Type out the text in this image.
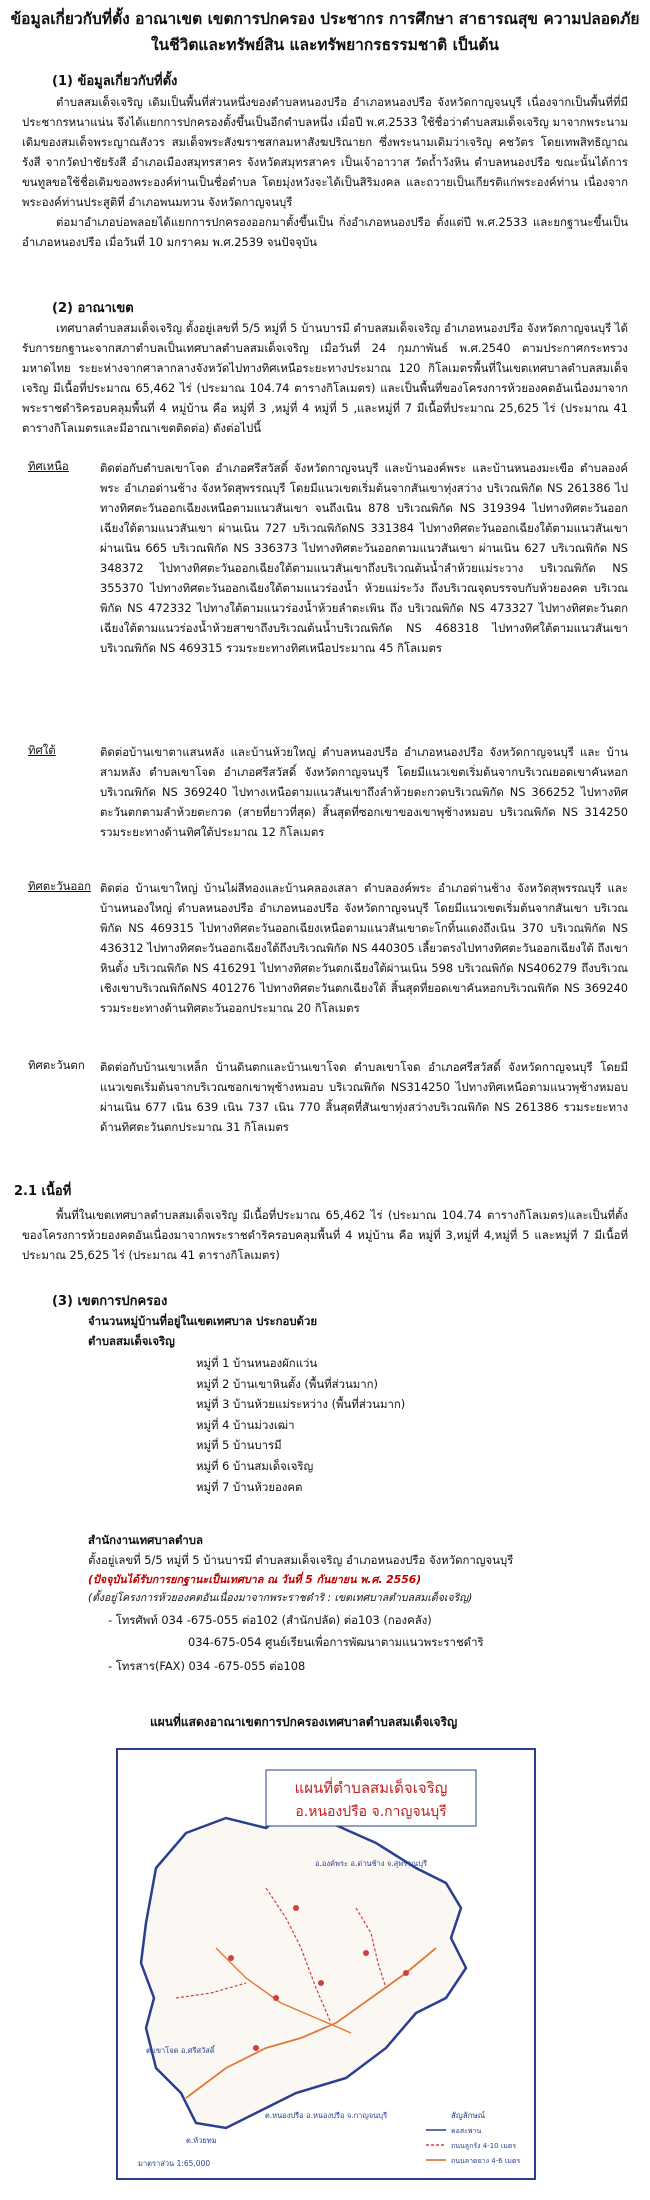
ข้อมูลเกี่ยวกับที่ตั้ง อาณาเขต เขตการปกครอง ประชากร การศึกษา สาธารณสุข ความปลอดภัยในชีวิตและทรัพย์สิน และทรัพยากรธรรมชาติ เป็นต้น
(1) ข้อมูลเกี่ยวกับที่ตั้ง

ตำบลสมเด็จเจริญ เดิมเป็นพื้นที่ส่วนหนึ่งของตำบลหนองปรือ อำเภอหนองปรือ จังหวัดกาญจนบุรี เนื่องจากเป็นพื้นที่ที่มีประชากรหนาแน่น จึงได้แยกการปกครองตั้งขึ้นเป็นอีกตำบลหนึ่ง เมื่อปี พ.ศ.2533 ใช้ชื่อว่าตำบลสมเด็จเจริญ มาจากพระนามเดิมของสมเด็จพระญาณสังวร สมเด็จพระสังฆราชสกลมหาสังฆปริณายก ซึ่งพระนามเดิมว่าเจริญ คชวัตร โดยเทพสิทธิญาณรังสี จากวัดป่าชัยรังสี อำเภอเมืองสมุทรสาคร จังหวัดสมุทรสาคร เป็นเจ้าอาวาส วัดถ้ำวังหิน ตำบลหนองปรือ ขณะนั้นได้การขนทูลขอใช้ชื่อเดิมของพระองค์ท่านเป็นชื่อตำบล โดยมุ่งหวังจะได้เป็นสิริมงคล และถวายเป็นเกียรติแก่พระองค์ท่าน เนื่องจากพระองค์ท่านประสูติที่ อำเภอพนมทวน จังหวัดกาญจนบุรี

ต่อมาอำเภอบ่อพลอยได้แยกการปกครองออกมาตั้งขึ้นเป็น กิ่งอำเภอหนองปรือ ตั้งแต่ปี พ.ศ.2533 และยกฐานะขึ้นเป็นอำเภอหนองปรือ เมื่อวันที่ 10 มกราคม พ.ศ.2539 จนปัจจุบัน

(2) อาณาเขต

เทศบาลตำบลสมเด็จเจริญ ตั้งอยู่เลขที่ 5/5 หมู่ที่ 5 บ้านบารมี ตำบลสมเด็จเจริญ อำเภอหนองปรือ จังหวัดกาญจนบุรี ได้รับการยกฐานะจากสภาตำบลเป็นเทศบาลตำบลสมเด็จเจริญ เมื่อวันที่ 24 กุมภาพันธ์ พ.ศ.2540 ตามประกาศกระทรวงมหาดไทย ระยะห่างจากศาลากลางจังหวัดไปทางทิศเหนือระยะทางประมาณ 120 กิโลเมตรพื้นที่ในเขตเทศบาลตำบลสมเด็จเจริญ มีเนื้อที่ประมาณ 65,462 ไร่ (ประมาณ 104.74 ตารางกิโลเมตร) และเป็นพื้นที่ของโครงการห้วยองคตอันเนื่องมาจากพระราชดำริครอบคลุมพื้นที่ 4 หมู่บ้าน คือ หมู่ที่ 3 ,หมู่ที่ 4 หมู่ที่ 5 ,และหมู่ที่ 7 มีเนื้อที่ประมาณ 25,625 ไร่ (ประมาณ 41 ตารางกิโลเมตรและมีอาณาเขตติดต่อ) ดังต่อไปนี้

ทิศเหนือ	ติดต่อกับตำบลเขาโจด อำเภอศรีสวัสดิ์ จังหวัดกาญจนบุรี และบ้านองค์พระ และบ้านหนองมะเขือ ตำบลองค์พระ อำเภอด่านช้าง จังหวัดสุพรรณบุรี โดยมีแนวเขตเริ่มต้นจากสันเขาทุ่งสว่าง บริเวณพิกัด NS 261386 ไปทางทิศตะวันออกเฉียงเหนือตามแนวสันเขา จนถึงเนิน 878 บริเวณพิกัด NS 319394 ไปทางทิศตะวันออกเฉียงใต้ตามแนวสันเขา ผ่านเนิน 727 บริเวณพิกัดNS 331384 ไปทางทิศตะวันออกเฉียงใต้ตามแนวสันเขา ผ่านเนิน 665 บริเวณพิกัด NS 336373 ไปทางทิศตะวันออกตามแนวสันเขา ผ่านเนิน 627 บริเวณพิกัด NS 348372 ไปทางทิศตะวันออกเฉียงใต้ตามแนวสันเขาถึงบริเวณต้นน้ำลำห้วยแม่ระวาง บริเวณพิกัด NS 355370 ไปทางทิศตะวันออกเฉียงใต้ตามแนวร่องน้ำ ห้วยแม่ระวัง ถึงบริเวณจุดบรรจบกับห้วยองคต บริเวณพิกัด NS 472332 ไปทางใต้ตามแนวร่องน้ำห้วยลำตะเพิน ถึง บริเวณพิกัด NS 473327 ไปทางทิศตะวันตกเฉียงใต้ตามแนวร่องน้ำห้วยสาขาถึงบริเวณต้นน้ำบริเวณพิกัด NS 468318 ไปทางทิศใต้ตามแนวสันเขาบริเวณพิกัด NS 469315 รวมระยะทางทิศเหนือประมาณ 45 กิโลเมตร
ทิศใต้	ติดต่อบ้านเขาตาแสนหลัง และบ้านห้วยใหญ่ ตำบลหนองปรือ อำเภอหนองปรือ จังหวัดกาญจนบุรี และ บ้านสามหลัง ตำบลเขาโจด อำเภอศรีสวัสดิ์ จังหวัดกาญจนบุรี โดยมีแนวเขตเริ่มต้นจากบริเวณยอดเขาคันหอก บริเวณพิกัด NS 369240 ไปทางเหนือตามแนวสันเขาถึงลำห้วยตะกวดบริเวณพิกัด NS 366252 ไปทางทิศตะวันตกตามลำห้วยตะกวด (สายที่ยาวที่สุด) สิ้นสุดที่ซอกเขาของเขาพุช้างหมอบ บริเวณพิกัด NS 314250 รวมระยะทางด้านทิศใต้ประมาณ 12 กิโลเมตร
ทิศตะวันออก ติดต่อ บ้านเขาใหญ่ บ้านไผ่สีทองและบ้านคลองเสลา ตำบลองค์พระ อำเภอด่านช้าง จังหวัดสุพรรณบุรี และบ้านหนองใหญ่ ตำบลหนองปรือ อำเภอหนองปรือ จังหวัดกาญจนบุรี โดยมีแนวเขตเริ่มต้นจากสันเขา บริเวณพิกัด NS 469315 ไปทางทิศตะวันออกเฉียงเหนือตามแนวสันเขาตะโกทิ้นแดงถึงเนิน 370 บริเวณพิกัด NS 436312 ไปทางทิศตะวันออกเฉียงใต้ถึงบริเวณพิกัด NS 440305 เลี้ยวตรงไปทางทิศตะวันออกเฉียงใต้ ถึงเขาหินตั้ง บริเวณพิกัด NS 416291 ไปทางทิศตะวันตกเฉียงใต้ผ่านเนิน 598 บริเวณพิกัด NS406279 ถึงบริเวณเชิงเขาบริเวณพิกัดNS 401276 ไปทางทิศตะวันตกเฉียงใต้ สิ้นสุดที่ยอดเขาคันหอกบริเวณพิกัด NS 369240 รวมระยะทางด้านทิศตะวันออกประมาณ 20 กิโลเมตร
ทิศตะวันตก ติดต่อกับบ้านเขาเหล็ก บ้านดินตกและบ้านเขาโจด ตำบลเขาโจด อำเภอศรีสวัสดิ์ จังหวัดกาญจนบุรี โดยมีแนวเขตเริ่มต้นจากบริเวณซอกเขาพุช้างหมอบ บริเวณพิกัด NS314250 ไปทางทิศเหนือตามแนวพุช้างหมอบ ผ่านเนิน 677 เนิน 639 เนิน 737 เนิน 770 สิ้นสุดที่สันเขาทุ่งสว่างบริเวณพิกัด NS 261386 รวมระยะทางด้านทิศตะวันตกประมาณ 31 กิโลเมตร
2.1 เนื้อที่

พื้นที่ในเขตเทศบาลตำบลสมเด็จเจริญ มีเนื้อที่ประมาณ 65,462 ไร่ (ประมาณ 104.74 ตารางกิโลเมตร)และเป็นที่ตั้งของโครงการห้วยองคตอันเนื่องมาจากพระราชดำริครอบคลุมพื้นที่ 4 หมู่บ้าน คือ หมู่ที่ 3,หมู่ที่ 4,หมู่ที่ 5 และหมู่ที่ 7 มีเนื้อที่ประมาณ 25,625 ไร่ (ประมาณ 41 ตารางกิโลเมตร)

(3) เขตการปกครอง
จำนวนหมู่บ้านที่อยู่ในเขตเทศบาล ประกอบด้วย
ตำบลสมเด็จเจริญ
หมู่ที่ 1 บ้านหนองผักแว่น
หมู่ที่ 2 บ้านเขาหินตั้ง (พื้นที่ส่วนมาก)
หมู่ที่ 3 บ้านห้วยแม่ระหว่าง (พื้นที่ส่วนมาก)
หมู่ที่ 4 บ้านม่วงเฒ่า
หมู่ที่ 5 บ้านบารมี
หมู่ที่ 6 บ้านสมเด็จเจริญ
หมู่ที่ 7 บ้านห้วยองคต
สำนักงานเทศบาลตำบล
ตั้งอยู่เลขที่ 5/5 หมู่ที่ 5 บ้านบารมี ตำบลสมเด็จเจริญ อำเภอหนองปรือ จังหวัดกาญจนบุรี
(ปัจจุบันได้รับการยกฐานะเป็นเทศบาล ณ วันที่ 5 กันยายน พ.ศ. 2556)
(ตั้งอยู่โครงการห้วยองคตอันเนื่องมาจากพระราชดำริ : เขตเทศบาลตำบลสมเด็จเจริญ)
- โทรศัพท์ 034 -675-055 ต่อ102 (สำนักปลัด) ต่อ103 (กองคลัง)
034-675-054 ศูนย์เรียนเพื่อการพัฒนาตามแนวพระราชดำริ
- โทรสาร(FAX) 034 -675-055 ต่อ108
แผนที่แสดงอาณาเขตการปกครองเทศบาลตำบลสมเด็จเจริญ
แผนที่ตำบลสมเด็จเจริญ
อ.หนองปรือ จ.กาญจนบุรี
อ.องค์พระ อ.ด่านช้าง จ.สุพรรณบุรี
ต.เขาโจด อ.ศรีสวัสดิ์
ต.หนองปรือ อ.หนองปรือ จ.กาญจนบุรี
ต.ห้วยทม
มาตราส่วน 1:65,000
สัญลักษณ์
คอสะพาน
ถนนลูกรัง 4-10 เมตร
ถนนลาดยาง 4-6 เมตร
